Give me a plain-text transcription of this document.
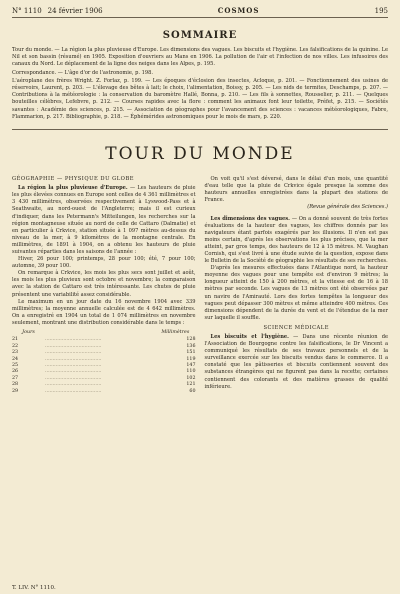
N° 1110 24 février 1906	COSMOS	195
SOMMAIRE

Tour du monde. — La région la plus pluvieuse d'Europe. Les dimensions des vagues. Les biscuits et l'hygiène. Les falsifications de la quinine. Le Nil et son bassin (résumé) en 1905. Exposition d'ouvriers au Mans en 1906. La pollution de l'air et l'infection de nos villes. Les infusoires des canaux du Nord. Le déplacement de la ligne des neiges dans les Alpes, p. 195.

Correspondance. — L'âge d'or de l'astronomie, p. 198.

L'aéroplane des frères Wright. Z. Forlaz, p. 199. — Les époques d'éclosion des insectes, Acloque, p. 201. — Fonctionnement des usines de réservoirs, Laurent, p. 203. — L'élevage des bêtes à lait; le choix, l'alimentation, Boissy, p. 205. — Les nids de termites, Deschamps, p. 207. — Contributions à la météorologie : la conservation du baromètre Hallé, Bonna, p. 210. — Les fils à sonnettes, Rousselier, p. 211. — Quelques bouteilles célèbres, Lefebvre, p. 212. — Courses rapides avec la flore : comment les animaux font leur toilette, Préfet, p. 215. — Sociétés savantes : Académie des sciences, p. 215. — Association de géographes pour l'avancement des sciences : vacances météorologiques, Fabre, Flammarion, p. 217. Bibliographie, p. 218. — Éphémérides astronomiques pour le mois de mars, p. 220.

TOUR DU MONDE
GÉOGRAPHIE — PHYSIQUE DU GLOBE

La région la plus pluvieuse d'Europe. — Les hauteurs de pluie les plus élevées connues en Europe sont celles de 4 361 millimètres et 3 430 millimètres, observées respectivement à Lyswood-Pass et à Seathwaite, au nord-ouest de l'Angleterre; mais il est curieux d'indiquer, dans les Petermann's Mitteilungen, les recherches sur la région montagneuse située au nord de celle de Cattaro (Dalmatie) et en particulier à Crkvice, station située à 1 097 mètres au-dessus du niveau de la mer, à 9 kilomètres de la montagne centrale. En millimètres, de 1891 à 1904, on a obtenu les hauteurs de pluie suivantes réparties dans les saisons de l'année :

Hiver, 26 pour 100; printemps, 28 pour 100; été, 7 pour 100; automne, 39 pour 100.

On remarque à Crkvice, les mois les plus secs sont juillet et août, les mois les plus pluvieux sont octobre et novembre; la comparaison avec la station de Cattaro est très intéressante. Les chutes de pluie présentent une variabilité assez considérable.

Le maximum en un jour date du 16 novembre 1904 avec 339 millimètres; la moyenne annuelle calculée est de 4 642 millimètres. On a enregistré en 1904 un total de 1 074 millimètres en novembre seulement, montrant une distribution considérable dans le temps :

Jours		Millimètres
21	.....................................	128
22	.....................................	136
23	.....................................	151
24	.....................................	119
25	.....................................	147
26	.....................................	110
27	.....................................	102
28	.....................................	121
29	.....................................	60

On voit qu'il s'est déversé, dans le délai d'un mois, une quantité d'eau telle que la pluie de Crkvice égale presque la somme des hauteurs annuelles enregistrées dans la plupart des stations de France.

(Revue générale des Sciences.)

Les dimensions des vagues. — On a donné souvent de très fortes évaluations de la hauteur des vagues, les chiffres donnés par les navigateurs étant parfois exagérés par les illusions. Il n'en est pas moins certain, d'après les observations les plus précises, que la mer atteint, par gros temps, des hauteurs de 12 à 15 mètres. M. Vaughan Cornish, qui s'est livré à une étude suivie de la question, expose dans le Bulletin de la Société de géographie les résultats de ses recherches.

D'après les mesures effectuées dans l'Atlantique nord, la hauteur moyenne des vagues pour une tempête est d'environ 9 mètres; la longueur atteint de 150 à 200 mètres, et la vitesse est de 16 à 18 mètres par seconde. Les vagues de 13 mètres ont été observées par un navire de l'Amirauté. Lors des fortes tempêtes la longueur des vagues peut dépasser 300 mètres et même atteindre 400 mètres. Ces dimensions dépendent de la durée du vent et de l'étendue de la mer sur laquelle il souffle.

SCIENCE MÉDICALE

Les biscuits et l'hygiène. — Dans une récente réunion de l'Association de Bourgogne contre les falsifications, le Dr Vincent a communiqué les résultats de ses travaux personnels et de la surveillance exercée sur les biscuits vendus dans le commerce. Il a constaté que les pâtisseries et biscuits contiennent souvent des substances étrangères qui ne figurent pas dans la recette; certaines contiennent des colorants et des matières grasses de qualité inférieure.

T. LIV. N° 1110.
